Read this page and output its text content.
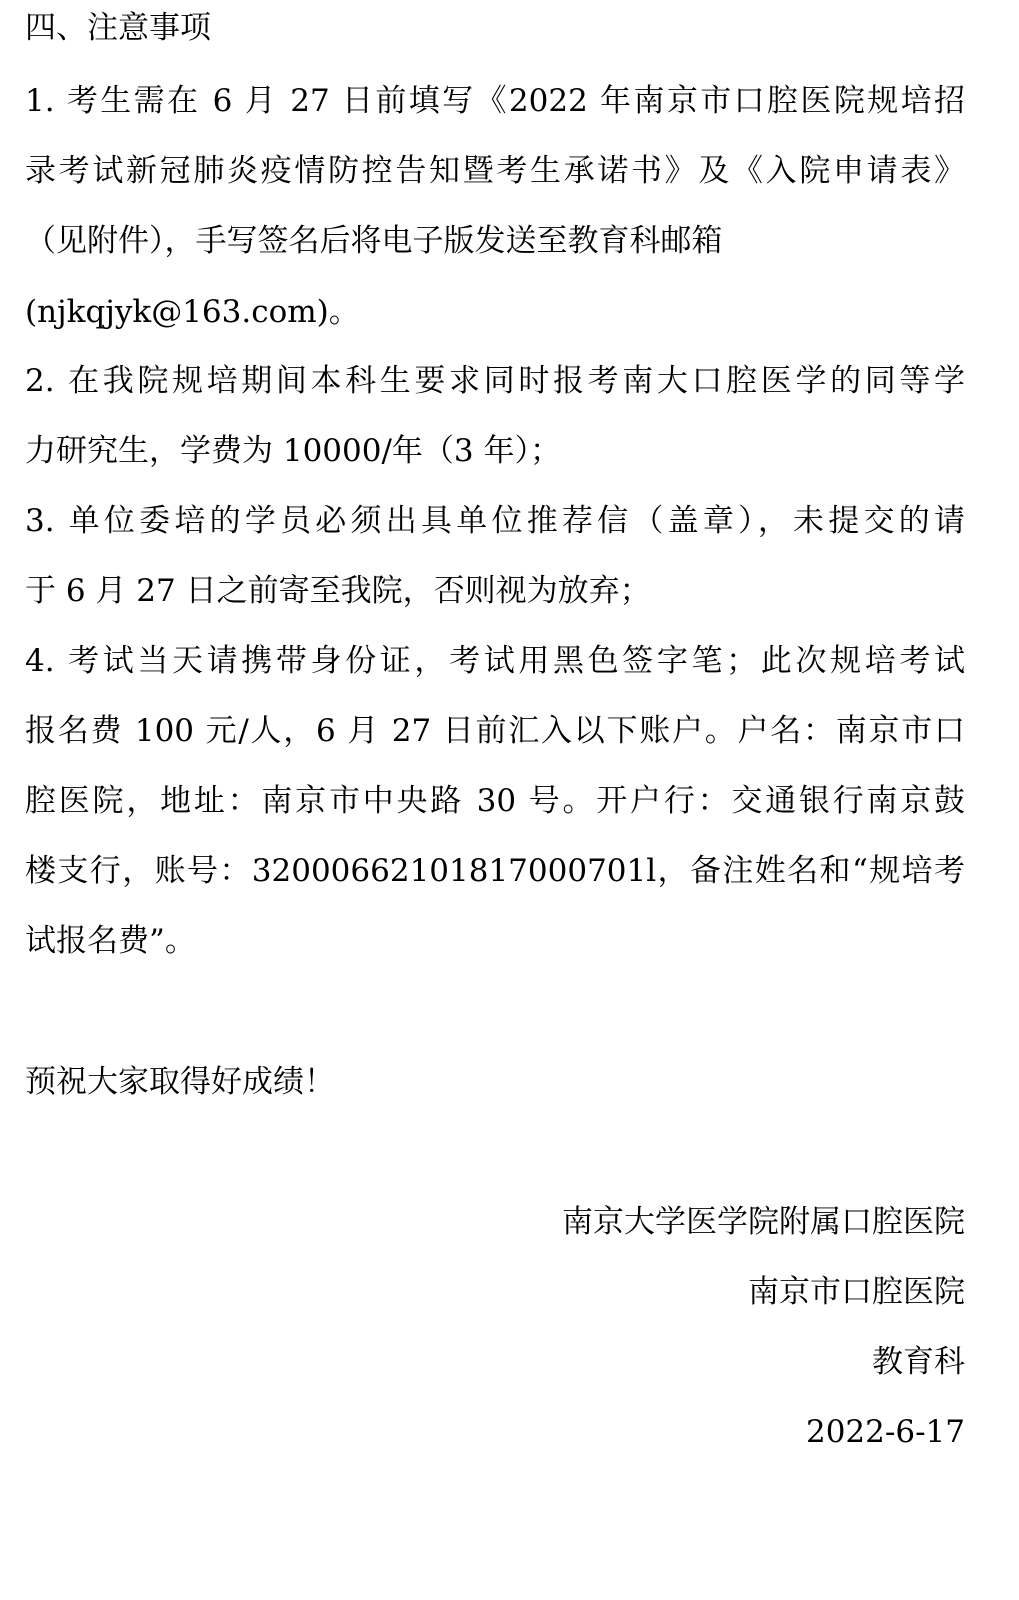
四、注意事项
1. 考生需在 6 月 27 日前填写《2022 年南京市口腔医院规培招
录考试新冠肺炎疫情防控告知暨考生承诺书》及《入院申请表》
（见附件），手写签名后将电子版发送至教育科邮箱
(njkqjyk@163.com)。
2. 在我院规培期间本科生要求同时报考南大口腔医学的同等学
力研究生，学费为 10000/年（3 年）；
3. 单位委培的学员必须出具单位推荐信（盖章），未提交的请
于 6 月 27 日之前寄至我院，否则视为放弃；
4. 考试当天请携带身份证，考试用黑色签字笔；此次规培考试
报名费 100 元/人，6 月 27 日前汇入以下账户。户名：南京市口
腔医院，地址：南京市中央路 30 号。开户行：交通银行南京鼓
楼支行，账号：32000662101817000701l，备注姓名和“规培考
试报名费”。
预祝大家取得好成绩！
南京大学医学院附属口腔医院
南京市口腔医院
教育科
2022-6-17
